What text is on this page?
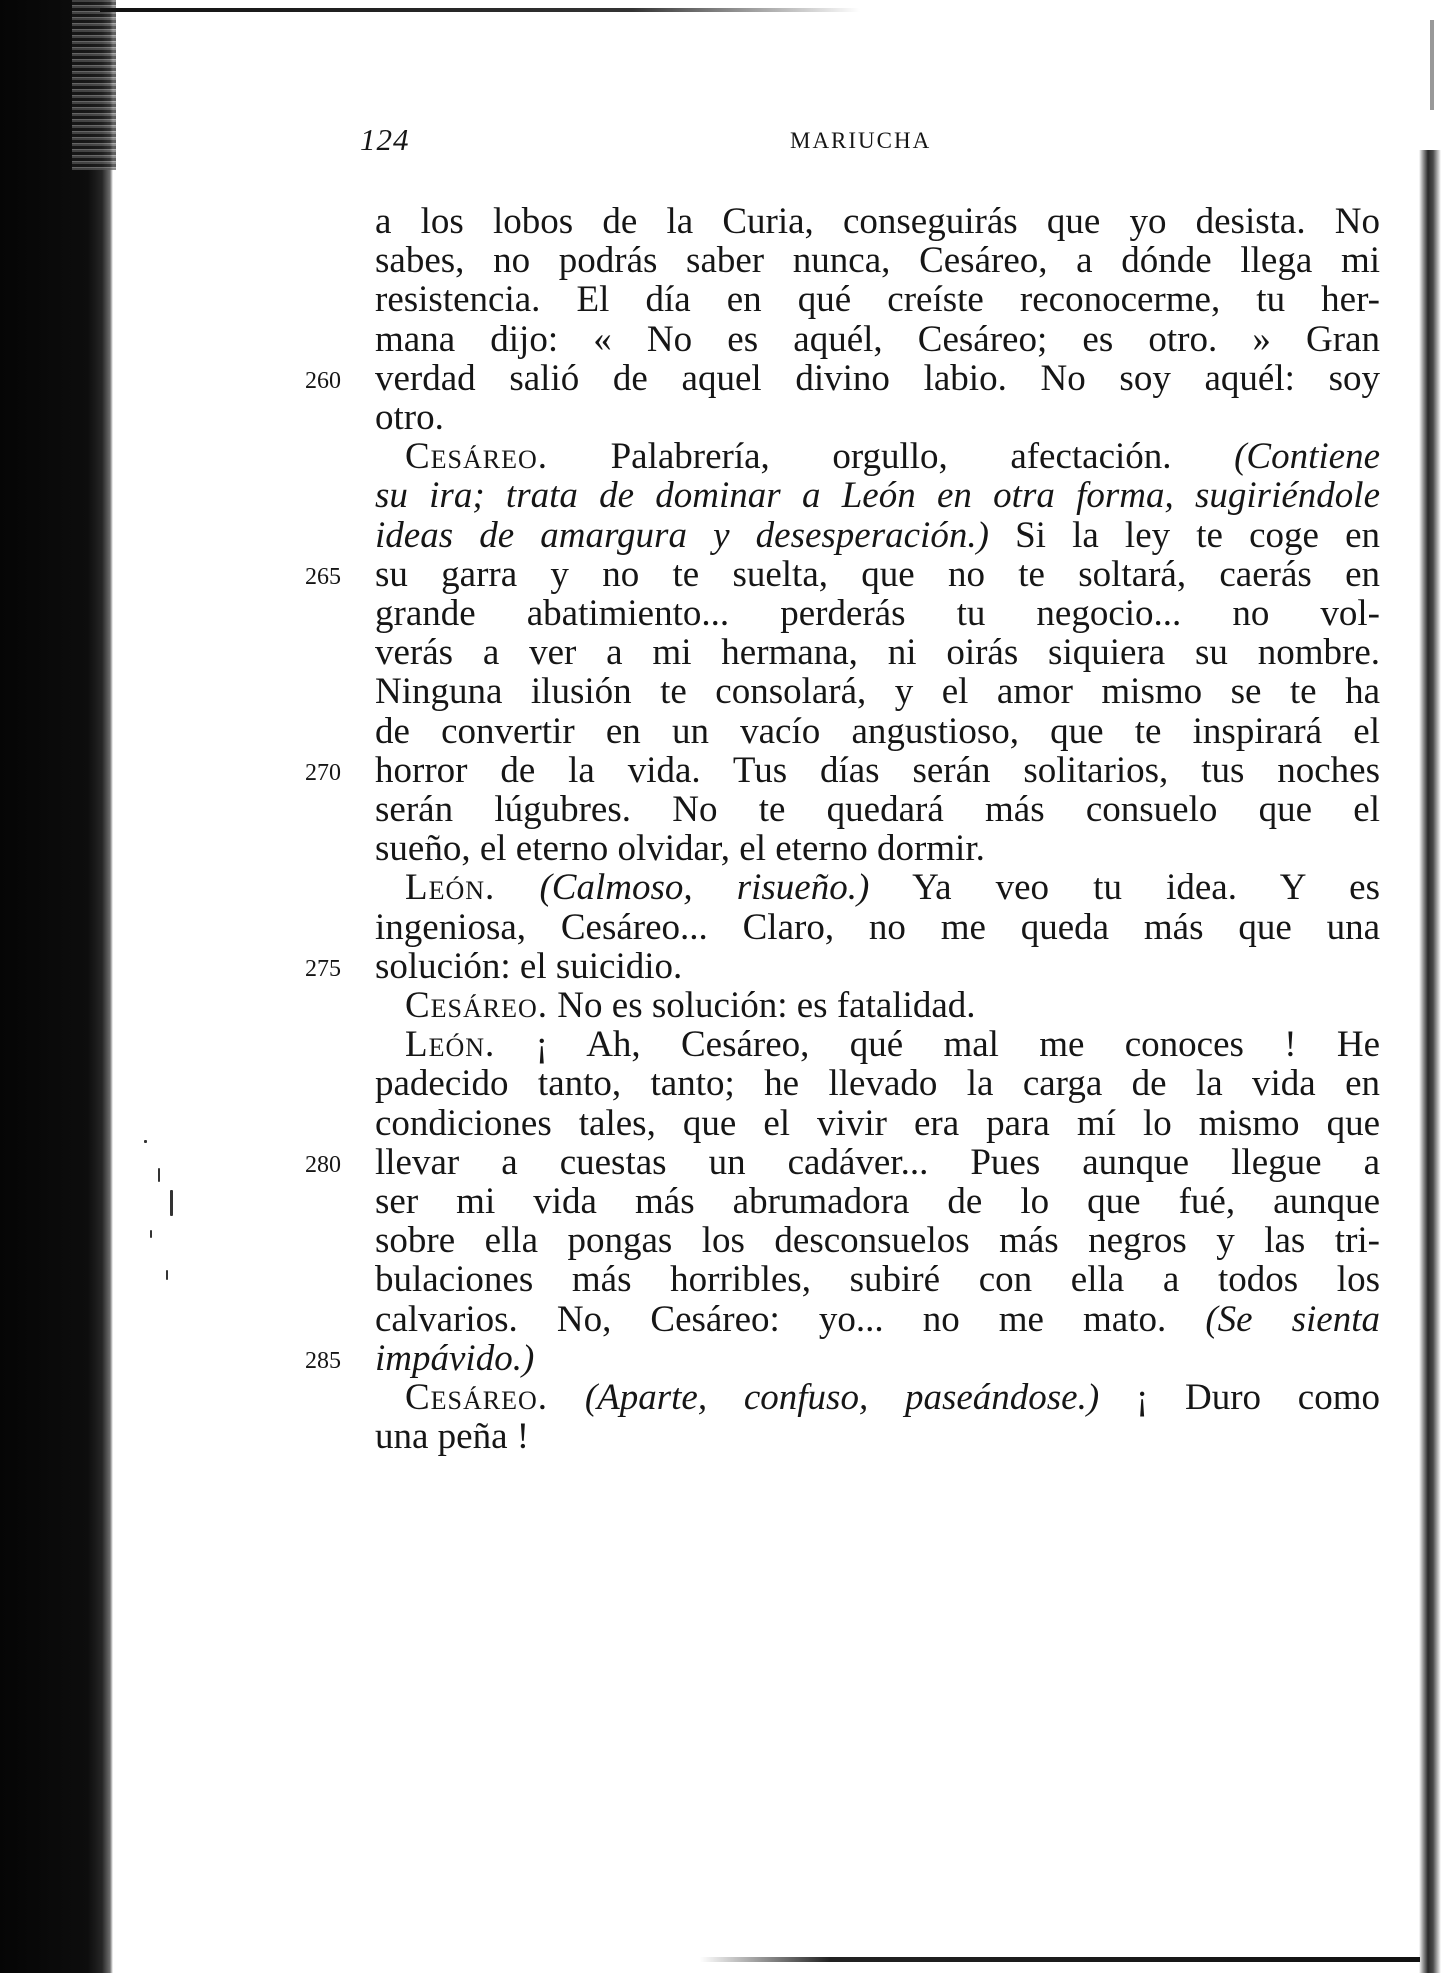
124	MARIUCHA
a los lobos de la Curia, conseguirás que yo desista. No
sabes, no podrás saber nunca, Cesáreo, a dónde llega mi
resistencia. El día en qué creíste reconocerme, tu her-
mana dijo: « No es aquél, Cesáreo; es otro. » Gran
verdad salió de aquel divino labio. No soy aquél: soy
260
otro.
Cesáreo. Palabrería, orgullo, afectación. (Contiene
su ira; trata de dominar a León en otra forma, sugiriéndole
ideas de amargura y desesperación.) Si la ley te coge en
su garra y no te suelta, que no te soltará, caerás en
265
grande abatimiento... perderás tu negocio... no vol-
verás a ver a mi hermana, ni oirás siquiera su nombre.
Ninguna ilusión te consolará, y el amor mismo se te ha
de convertir en un vacío angustioso, que te inspirará el
horror de la vida. Tus días serán solitarios, tus noches
270
serán lúgubres. No te quedará más consuelo que el
sueño, el eterno olvidar, el eterno dormir.
León. (Calmoso, risueño.) Ya veo tu idea. Y es
ingeniosa, Cesáreo... Claro, no me queda más que una
solución: el suicidio.
275
Cesáreo. No es solución: es fatalidad.
León. ¡ Ah, Cesáreo, qué mal me conoces ! He
padecido tanto, tanto; he llevado la carga de la vida en
condiciones tales, que el vivir era para mí lo mismo que
llevar a cuestas un cadáver... Pues aunque llegue a
280
ser mi vida más abrumadora de lo que fué, aunque
sobre ella pongas los desconsuelos más negros y las tri-
bulaciones más horribles, subiré con ella a todos los
calvarios. No, Cesáreo: yo... no me mato. (Se sienta
impávido.)
285
Cesáreo. (Aparte, confuso, paseándose.) ¡ Duro como
una peña !
